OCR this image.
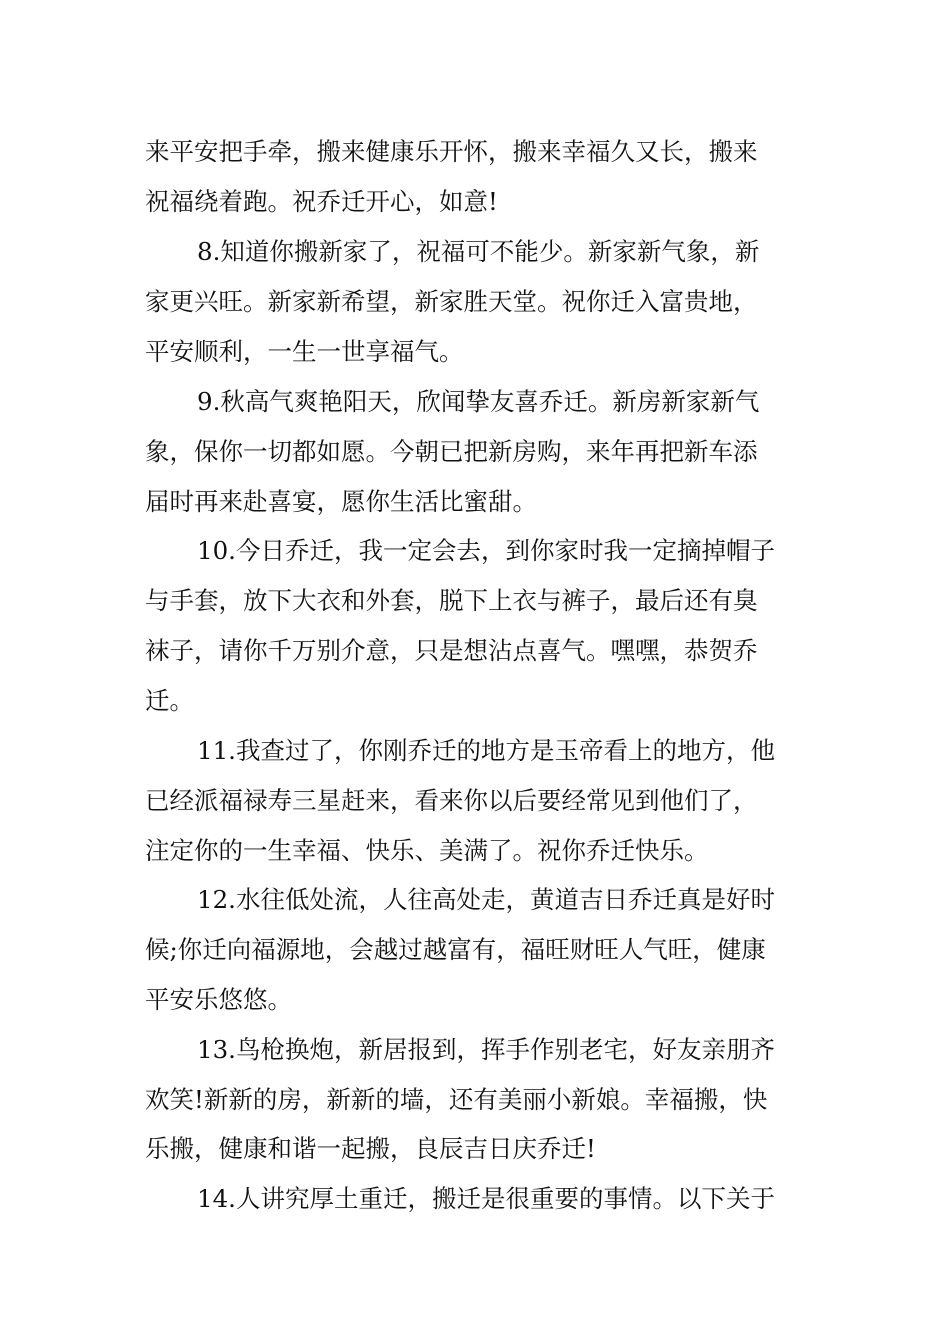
来平安把手牵，搬来健康乐开怀，搬来幸福久又长，搬来
祝福绕着跑。祝乔迁开心，如意!
8.知道你搬新家了，祝福可不能少。新家新气象，新
家更兴旺。新家新希望，新家胜天堂。祝你迁入富贵地，
平安顺利，一生一世享福气。
9.秋高气爽艳阳天，欣闻挚友喜乔迁。新房新家新气
象，保你一切都如愿。今朝已把新房购，来年再把新车添
届时再来赴喜宴，愿你生活比蜜甜。
10.今日乔迁，我一定会去，到你家时我一定摘掉帽子
与手套，放下大衣和外套，脱下上衣与裤子，最后还有臭
袜子，请你千万别介意，只是想沾点喜气。嘿嘿，恭贺乔
迁。
11.我查过了，你刚乔迁的地方是玉帝看上的地方，他
已经派福禄寿三星赶来，看来你以后要经常见到他们了，
注定你的一生幸福、快乐、美满了。祝你乔迁快乐。
12.水往低处流，人往高处走，黄道吉日乔迁真是好时
候;你迁向福源地，会越过越富有，福旺财旺人气旺，健康
平安乐悠悠。
13.鸟枪换炮，新居报到，挥手作别老宅，好友亲朋齐
欢笑!新新的房，新新的墙，还有美丽小新娘。幸福搬，快
乐搬，健康和谐一起搬，良辰吉日庆乔迁!
14.人讲究厚土重迁，搬迁是很重要的事情。以下关于
